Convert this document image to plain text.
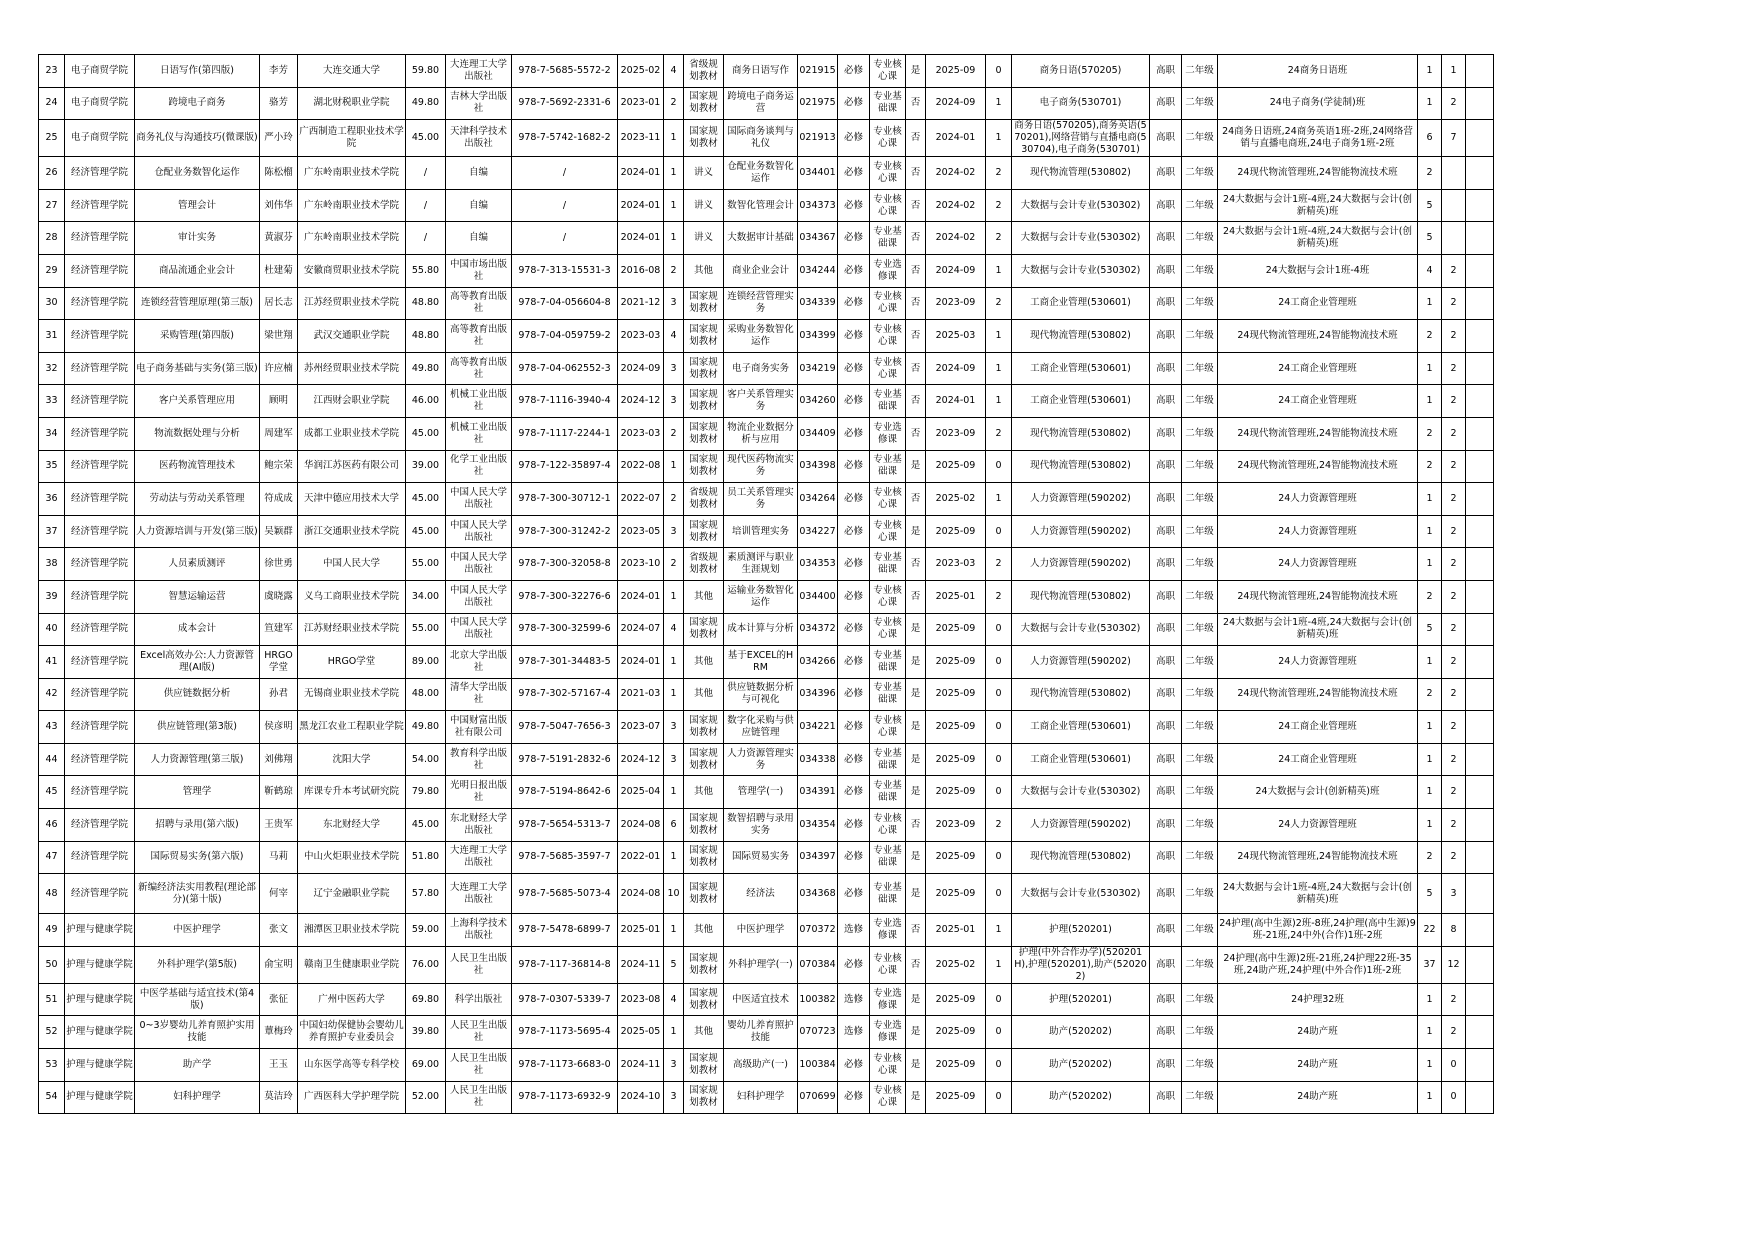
23	电子商贸学院	日语写作(第四版)	李芳	大连交通大学	59.80	大连理工大学出版社	978-7-5685-5572-2	2025-02	4	省级规划教材	商务日语写作	021915	必修	专业核心课	是	2025-09	0	商务日语(570205)	高职	二年级	24商务日语班	1	1	
24	电子商贸学院	跨境电子商务	骆芳	湖北财税职业学院	49.80	吉林大学出版社	978-7-5692-2331-6	2023-01	2	国家规划教材	跨境电子商务运营	021975	必修	专业基础课	否	2024-09	1	电子商务(530701)	高职	二年级	24电子商务(学徒制)班	1	2	
25	电子商贸学院	商务礼仪与沟通技巧(微课版)	严小玲	广西制造工程职业技术学院	45.00	天津科学技术出版社	978-7-5742-1682-2	2023-11	1	国家规划教材	国际商务谈判与礼仪	021913	必修	专业核心课	否	2024-01	1	商务日语(570205),商务英语(570201),网络营销与直播电商(530704),电子商务(530701)	高职	二年级	24商务日语班,24商务英语1班-2班,24网络营销与直播电商班,24电子商务1班-2班	6	7	
26	经济管理学院	仓配业务数智化运作	陈松榴	广东岭南职业技术学院	/	自编	/	2024-01	1	讲义	仓配业务数智化运作	034401	必修	专业核心课	否	2024-02	2	现代物流管理(530802)	高职	二年级	24现代物流管理班,24智能物流技术班	2		
27	经济管理学院	管理会计	刘伟华	广东岭南职业技术学院	/	自编	/	2024-01	1	讲义	数智化管理会计	034373	必修	专业核心课	否	2024-02	2	大数据与会计专业(530302)	高职	二年级	24大数据与会计1班-4班,24大数据与会计(创新精英)班	5		
28	经济管理学院	审计实务	黄淑芬	广东岭南职业技术学院	/	自编	/	2024-01	1	讲义	大数据审计基础	034367	必修	专业基础课	否	2024-02	2	大数据与会计专业(530302)	高职	二年级	24大数据与会计1班-4班,24大数据与会计(创新精英)班	5		
29	经济管理学院	商品流通企业会计	杜建菊	安徽商贸职业技术学院	55.80	中国市场出版社	978-7-313-15531-3	2016-08	2	其他	商业企业会计	034244	必修	专业选修课	否	2024-09	1	大数据与会计专业(530302)	高职	二年级	24大数据与会计1班-4班	4	2	
30	经济管理学院	连锁经营管理原理(第三版)	居长志	江苏经贸职业技术学院	48.80	高等教育出版社	978-7-04-056604-8	2021-12	3	国家规划教材	连锁经营管理实务	034339	必修	专业核心课	否	2023-09	2	工商企业管理(530601)	高职	二年级	24工商企业管理班	1	2	
31	经济管理学院	采购管理(第四版)	梁世翔	武汉交通职业学院	48.80	高等教育出版社	978-7-04-059759-2	2023-03	4	国家规划教材	采购业务数智化运作	034399	必修	专业核心课	否	2025-03	1	现代物流管理(530802)	高职	二年级	24现代物流管理班,24智能物流技术班	2	2	
32	经济管理学院	电子商务基础与实务(第三版)	许应楠	苏州经贸职业技术学院	49.80	高等教育出版社	978-7-04-062552-3	2024-09	3	国家规划教材	电子商务实务	034219	必修	专业核心课	否	2024-09	1	工商企业管理(530601)	高职	二年级	24工商企业管理班	1	2	
33	经济管理学院	客户关系管理应用	顾明	江西财会职业学院	46.00	机械工业出版社	978-7-1116-3940-4	2024-12	3	国家规划教材	客户关系管理实务	034260	必修	专业基础课	否	2024-01	1	工商企业管理(530601)	高职	二年级	24工商企业管理班	1	2	
34	经济管理学院	物流数据处理与分析	周建军	成都工业职业技术学院	45.00	机械工业出版社	978-7-1117-2244-1	2023-03	2	国家规划教材	物流企业数据分析与应用	034409	必修	专业选修课	否	2023-09	2	现代物流管理(530802)	高职	二年级	24现代物流管理班,24智能物流技术班	2	2	
35	经济管理学院	医药物流管理技术	鲍宗荣	华润江苏医药有限公司	39.00	化学工业出版社	978-7-122-35897-4	2022-08	1	国家规划教材	现代医药物流实务	034398	必修	专业基础课	是	2025-09	0	现代物流管理(530802)	高职	二年级	24现代物流管理班,24智能物流技术班	2	2	
36	经济管理学院	劳动法与劳动关系管理	符成成	天津中德应用技术大学	45.00	中国人民大学出版社	978-7-300-30712-1	2022-07	2	省级规划教材	员工关系管理实务	034264	必修	专业核心课	否	2025-02	1	人力资源管理(590202)	高职	二年级	24人力资源管理班	1	2	
37	经济管理学院	人力资源培训与开发(第三版)	吴颖群	浙江交通职业技术学院	45.00	中国人民大学出版社	978-7-300-31242-2	2023-05	3	国家规划教材	培训管理实务	034227	必修	专业核心课	是	2025-09	0	人力资源管理(590202)	高职	二年级	24人力资源管理班	1	2	
38	经济管理学院	人员素质测评	徐世勇	中国人民大学	55.00	中国人民大学出版社	978-7-300-32058-8	2023-10	2	省级规划教材	素质测评与职业生涯规划	034353	必修	专业基础课	否	2023-03	2	人力资源管理(590202)	高职	二年级	24人力资源管理班	1	2	
39	经济管理学院	智慧运输运营	虞晓露	义乌工商职业技术学院	34.00	中国人民大学出版社	978-7-300-32276-6	2024-01	1	其他	运输业务数智化运作	034400	必修	专业核心课	否	2025-01	2	现代物流管理(530802)	高职	二年级	24现代物流管理班,24智能物流技术班	2	2	
40	经济管理学院	成本会计	笪建军	江苏财经职业技术学院	55.00	中国人民大学出版社	978-7-300-32599-6	2024-07	4	国家规划教材	成本计算与分析	034372	必修	专业核心课	是	2025-09	0	大数据与会计专业(530302)	高职	二年级	24大数据与会计1班-4班,24大数据与会计(创新精英)班	5	2	
41	经济管理学院	Excel高效办公:人力资源管理(AI版)	HRGO学堂	HRGO学堂	89.00	北京大学出版社	978-7-301-34483-5	2024-01	1	其他	基于EXCEL的HRM	034266	必修	专业基础课	是	2025-09	0	人力资源管理(590202)	高职	二年级	24人力资源管理班	1	2	
42	经济管理学院	供应链数据分析	孙君	无锡商业职业技术学院	48.00	清华大学出版社	978-7-302-57167-4	2021-03	1	其他	供应链数据分析与可视化	034396	必修	专业基础课	是	2025-09	0	现代物流管理(530802)	高职	二年级	24现代物流管理班,24智能物流技术班	2	2	
43	经济管理学院	供应链管理(第3版)	侯彦明	黑龙江农业工程职业学院	49.80	中国财富出版社有限公司	978-7-5047-7656-3	2023-07	3	国家规划教材	数字化采购与供应链管理	034221	必修	专业核心课	是	2025-09	0	工商企业管理(530601)	高职	二年级	24工商企业管理班	1	2	
44	经济管理学院	人力资源管理(第三版)	刘佛翔	沈阳大学	54.00	教育科学出版社	978-7-5191-2832-6	2024-12	3	国家规划教材	人力资源管理实务	034338	必修	专业基础课	是	2025-09	0	工商企业管理(530601)	高职	二年级	24工商企业管理班	1	2	
45	经济管理学院	管理学	靳鹤琼	库课专升本考试研究院	79.80	光明日报出版社	978-7-5194-8642-6	2025-04	1	其他	管理学(一)	034391	必修	专业基础课	是	2025-09	0	大数据与会计专业(530302)	高职	二年级	24大数据与会计(创新精英)班	1	2	
46	经济管理学院	招聘与录用(第六版)	王贵军	东北财经大学	45.00	东北财经大学出版社	978-7-5654-5313-7	2024-08	6	国家规划教材	数智招聘与录用实务	034354	必修	专业核心课	否	2023-09	2	人力资源管理(590202)	高职	二年级	24人力资源管理班	1	2	
47	经济管理学院	国际贸易实务(第六版)	马莉	中山火炬职业技术学院	51.80	大连理工大学出版社	978-7-5685-3597-7	2022-01	1	国家规划教材	国际贸易实务	034397	必修	专业基础课	是	2025-09	0	现代物流管理(530802)	高职	二年级	24现代物流管理班,24智能物流技术班	2	2	
48	经济管理学院	新编经济法实用教程(理论部分)(第十版)	何宰	辽宁金融职业学院	57.80	大连理工大学出版社	978-7-5685-5073-4	2024-08	10	国家规划教材	经济法	034368	必修	专业基础课	是	2025-09	0	大数据与会计专业(530302)	高职	二年级	24大数据与会计1班-4班,24大数据与会计(创新精英)班	5	3	
49	护理与健康学院	中医护理学	张文	湘潭医卫职业技术学院	59.00	上海科学技术出版社	978-7-5478-6899-7	2025-01	1	其他	中医护理学	070372	选修	专业选修课	否	2025-01	1	护理(520201)	高职	二年级	24护理(高中生源)2班-8班,24护理(高中生源)9班-21班,24中外(合作)1班-2班	22	8	
50	护理与健康学院	外科护理学(第5版)	俞宝明	赣南卫生健康职业学院	76.00	人民卫生出版社	978-7-117-36814-8	2024-11	5	国家规划教材	外科护理学(一)	070384	必修	专业核心课	否	2025-02	1	护理(中外合作办学)(520201H),护理(520201),助产(520202)	高职	二年级	24护理(高中生源)2班-21班,24护理22班-35班,24助产班,24护理(中外合作)1班-2班	37	12	
51	护理与健康学院	中医学基础与适宜技术(第4版)	张征	广州中医药大学	69.80	科学出版社	978-7-0307-5339-7	2023-08	4	国家规划教材	中医适宜技术	100382	选修	专业选修课	是	2025-09	0	护理(520201)	高职	二年级	24护理32班	1	2	
52	护理与健康学院	0~3岁婴幼儿养育照护实用技能	蕈梅玲	中国妇幼保健协会婴幼儿养育照护专业委员会	39.80	人民卫生出版社	978-7-1173-5695-4	2025-05	1	其他	婴幼儿养育照护技能	070723	选修	专业选修课	是	2025-09	0	助产(520202)	高职	二年级	24助产班	1	2	
53	护理与健康学院	助产学	王玉	山东医学高等专科学校	69.00	人民卫生出版社	978-7-1173-6683-0	2024-11	3	国家规划教材	高级助产(一)	100384	必修	专业核心课	是	2025-09	0	助产(520202)	高职	二年级	24助产班	1	0	
54	护理与健康学院	妇科护理学	莫洁玲	广西医科大学护理学院	52.00	人民卫生出版社	978-7-1173-6932-9	2024-10	3	国家规划教材	妇科护理学	070699	必修	专业核心课	是	2025-09	0	助产(520202)	高职	二年级	24助产班	1	0	
